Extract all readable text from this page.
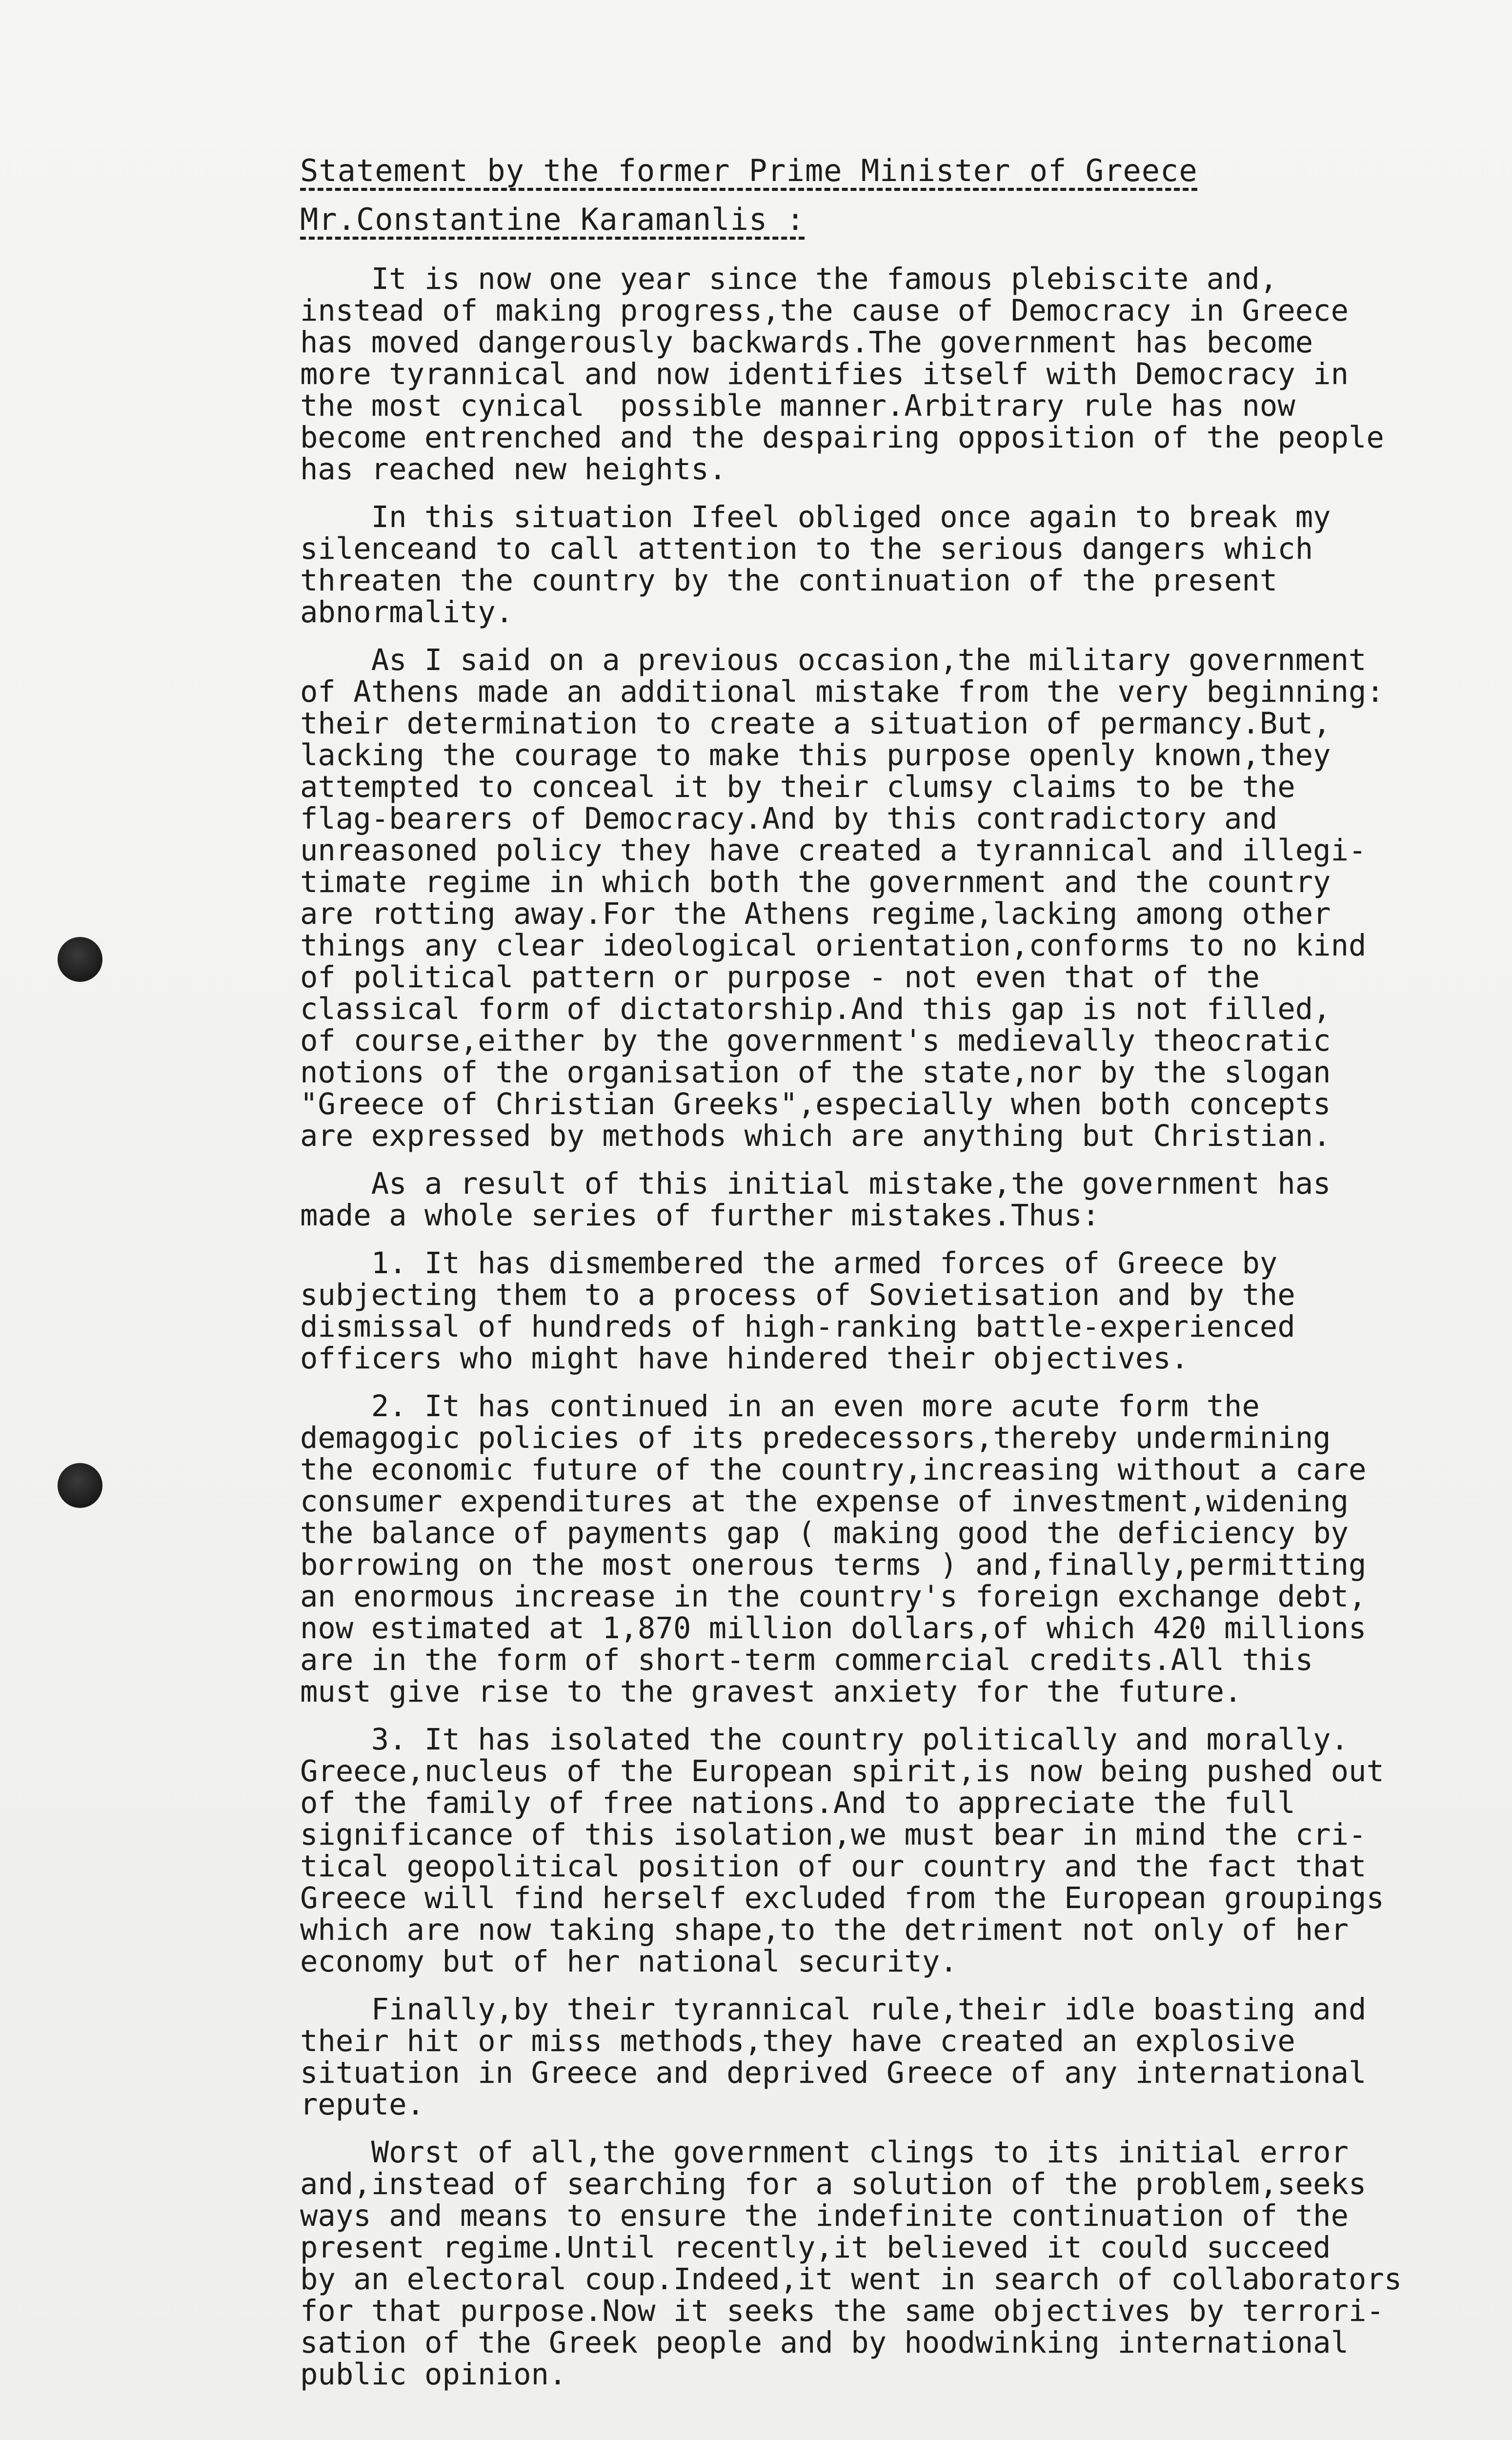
Statement by the former Prime Minister of Greece
Mr.Constantine Karamanlis :
It is now one year since the famous plebiscite and,
instead of making progress,the cause of Democracy in Greece
has moved dangerously backwards.The government has become
more tyrannical and now identifies itself with Democracy in
the most cynical  possible manner.Arbitrary rule has now
become entrenched and the despairing opposition of the people
has reached new heights.
In this situation Ifeel obliged once again to break my
silenceand to call attention to the serious dangers which
threaten the country by the continuation of the present
abnormality.
As I said on a previous occasion,the military government
of Athens made an additional mistake from the very beginning:
their determination to create a situation of permancy.But,
lacking the courage to make this purpose openly known,they
attempted to conceal it by their clumsy claims to be the
flag-bearers of Democracy.And by this contradictory and
unreasoned policy they have created a tyrannical and illegi-
timate regime in which both the government and the country
are rotting away.For the Athens regime,lacking among other
things any clear ideological orientation,conforms to no kind
of political pattern or purpose - not even that of the
classical form of dictatorship.And this gap is not filled,
of course,either by the government's medievally theocratic
notions of the organisation of the state,nor by the slogan
"Greece of Christian Greeks",especially when both concepts
are expressed by methods which are anything but Christian.
As a result of this initial mistake,the government has
made a whole series of further mistakes.Thus:
1. It has dismembered the armed forces of Greece by
subjecting them to a process of Sovietisation and by the
dismissal of hundreds of high-ranking battle-experienced
officers who might have hindered their objectives.
2. It has continued in an even more acute form the
demagogic policies of its predecessors,thereby undermining
the economic future of the country,increasing without a care
consumer expenditures at the expense of investment,widening
the balance of payments gap ( making good the deficiency by
borrowing on the most onerous terms ) and,finally,permitting
an enormous increase in the country's foreign exchange debt,
now estimated at 1,870 million dollars,of which 420 millions
are in the form of short-term commercial credits.All this
must give rise to the gravest anxiety for the future.
3. It has isolated the country politically and morally.
Greece,nucleus of the European spirit,is now being pushed out
of the family of free nations.And to appreciate the full
significance of this isolation,we must bear in mind the cri-
tical geopolitical position of our country and the fact that
Greece will find herself excluded from the European groupings
which are now taking shape,to the detriment not only of her
economy but of her national security.
Finally,by their tyrannical rule,their idle boasting and
their hit or miss methods,they have created an explosive
situation in Greece and deprived Greece of any international
repute.
Worst of all,the government clings to its initial error
and,instead of searching for a solution of the problem,seeks
ways and means to ensure the indefinite continuation of the
present regime.Until recently,it believed it could succeed
by an electoral coup.Indeed,it went in search of collaborators
for that purpose.Now it seeks the same objectives by terrori-
sation of the Greek people and by hoodwinking international
public opinion.
